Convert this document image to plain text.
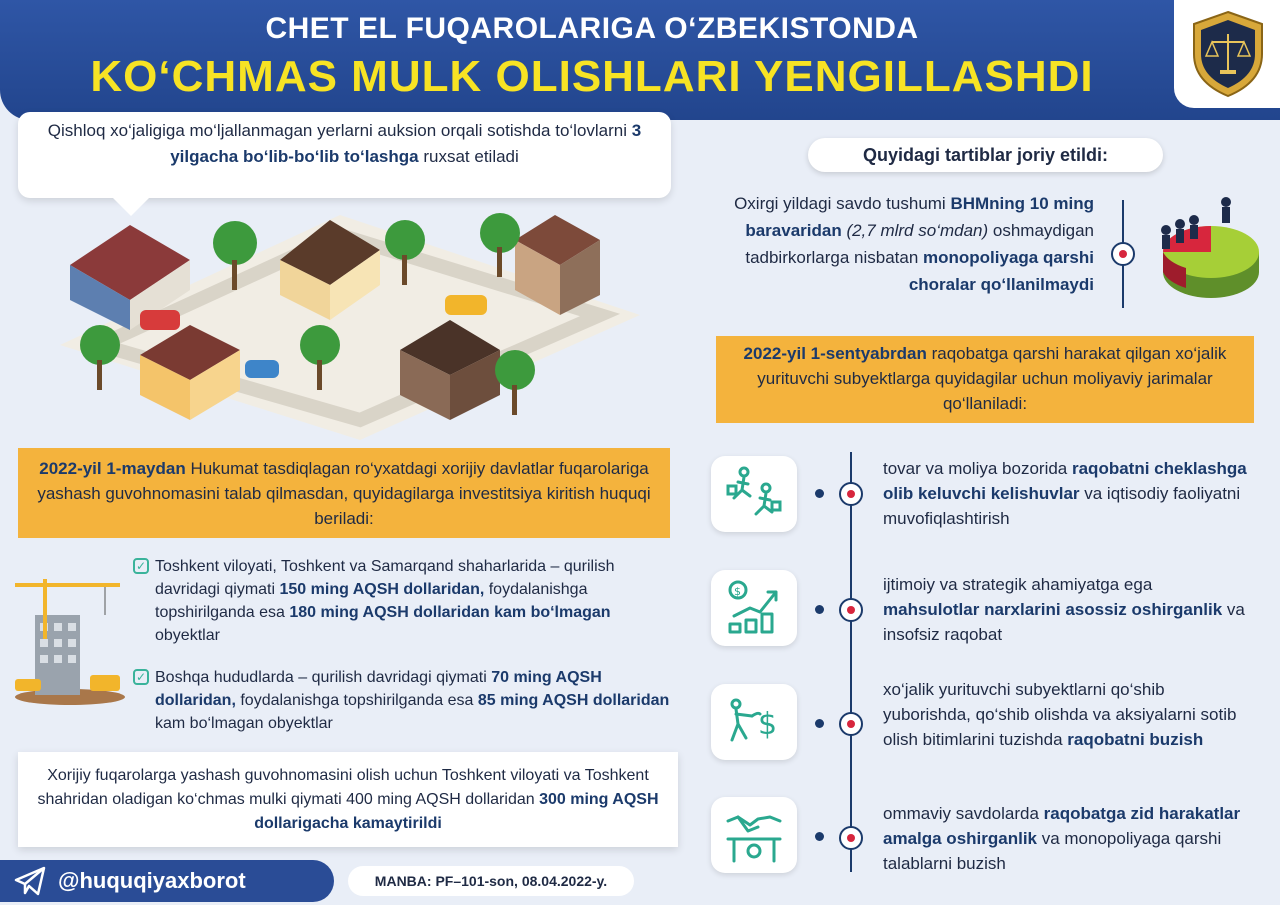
CHET EL FUQAROLARIGA O‘ZBEKISTONDA
KO‘CHMAS MULK OLISHLARI YENGILLASHDI
Qishloq xo‘jaligiga mo‘ljallanmagan yerlarni auksion orqali sotishda to‘lovlarni 3 yilgacha bo‘lib-bo‘lib to‘lashga ruxsat etiladi
2022-yil 1-maydan Hukumat tasdiqlagan ro‘yxatdagi xorijiy davlatlar fuqarolariga yashash guvohnomasini talab qilmasdan, quyidagilarga investitsiya kiritish huquqi beriladi:
✓ Toshkent viloyati, Toshkent va Samarqand shaharlarida – qurilish davridagi qiymati 150 ming AQSH dollaridan, foydalanishga topshirilganda esa 180 ming AQSH dollaridan kam bo‘lmagan obyektlar
✓ Boshqa hududlarda – qurilish davridagi qiymati 70 ming AQSH dollaridan, foydalanishga topshirilganda esa 85 ming AQSH dollaridan kam bo‘lmagan obyektlar
Xorijiy fuqarolarga yashash guvohnomasini olish uchun Toshkent viloyati va Toshkent shahridan oladigan ko‘chmas mulki qiymati 400 ming AQSH dollaridan 300 ming AQSH dollarigacha kamaytirildi
@huquqiyaxborot	MANBA: PF–101-son, 08.04.2022-y.
Quyidagi tartiblar joriy etildi:
Oxirgi yildagi savdo tushumi BHMning 10 ming baravaridan (2,7 mlrd so‘mdan) oshmaydigan tadbirkorlarga nisbatan monopoliyaga qarshi choralar qo‘llanilmaydi
2022-yil 1-sentyabrdan raqobatga qarshi harakat qilgan xo‘jalik yurituvchi subyektlarga quyidagilar uchun moliyaviy jarimalar qo‘llaniladi:
tovar va moliya bozorida raqobatni cheklashga olib keluvchi kelishuvlar va iqtisodiy faoliyatni muvofiqlashtirish
$	ijtimoiy va strategik ahamiyatga ega mahsulotlar narxlarini asossiz oshirganlik va insofsiz raqobat
$
xo‘jalik yurituvchi subyektlarni qo‘shib yuborishda, qo‘shib olishda va aksiyalarni sotib olish bitimlarini tuzishda raqobatni buzish
ommaviy savdolarda raqobatga zid harakatlar amalga oshirganlik va monopoliyaga qarshi talablarni buzish
